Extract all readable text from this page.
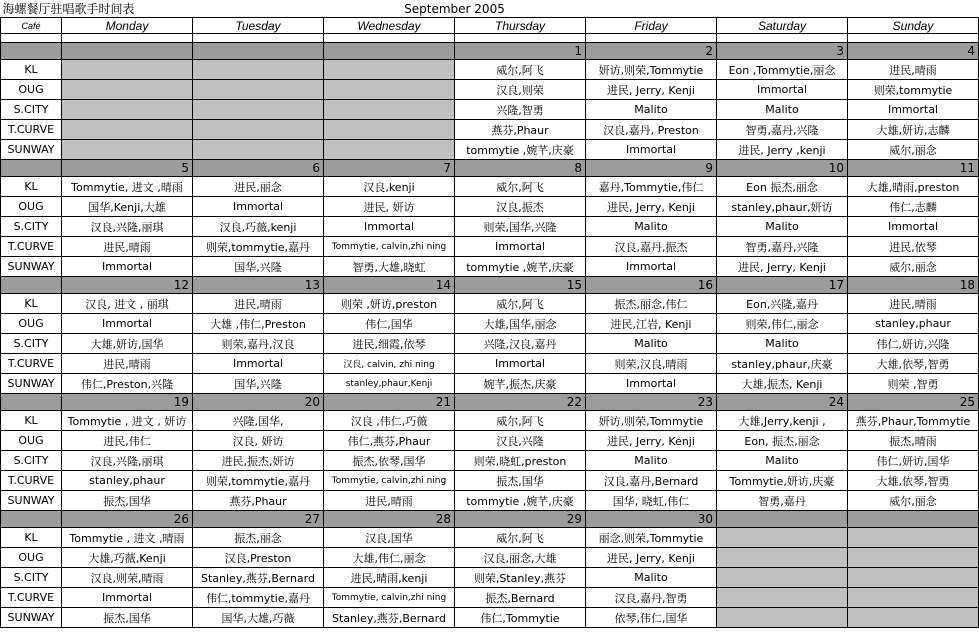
海螺餐厅驻唱歌手时间表			September 2005				
Café	Monday	Tuesday	Wednesday	Thursday	Friday	Saturday	Sunday

				1	2	3	4
KL				威尔,阿飞	妍访,则荣,Tommytie	Eon ,Tommytie,丽念	进民,晴雨
OUG				汉良,则荣	进民, Jerry, Kenji	Immortal	则荣,tommytie
S.CITY				兴隆,智勇	Malito	Malito	Immortal
T.CURVE				燕芬,Phaur	汉良,嘉丹, Preston	智勇,嘉丹,兴隆	大雄,妍访,志麟
SUNWAY				tommytie ,婉芊,庆豪	Immortal	进民, Jerry ,kenji	威尔,丽念
	5	6	7	8	9	10	11
KL	Tommytie, 进文 ,晴雨	进民,丽念	汉良,kenji	威尔,阿飞	嘉丹,Tommytie,伟仁	Eon 振杰,丽念	大雄,晴雨,preston
OUG	国华,Kenji,大雄	Immortal	进民, 妍访	汉良,振杰	进民, Jerry, Kenji	stanley,phaur,妍访	伟仁,志麟
S.CITY	汉良,兴隆,丽琪	汉良,巧薇,kenji	Immortal	则荣,国华,兴隆	Malito	Malito	Immortal
T.CURVE	进民,晴雨	则荣,tommytie,嘉丹	Tommytie, calvin,zhi ning	Immortal	汉良,嘉丹,振杰	智勇,嘉丹,兴隆	进民,依琴
SUNWAY	Immortal	国华,兴隆	智勇,大雄,晓虹	tommytie ,婉芊,庆豪	Immortal	进民, Jerry, Kenji	威尔,丽念
	12	13	14	15	16	17	18
KL	汉良, 进文 , 丽琪	进民,晴雨	则荣 ,妍访,preston	威尔,阿飞	振杰,丽念,伟仁	Eon,兴隆,嘉丹	进民,晴雨
OUG	Immortal	大雄 ,伟仁,Preston	伟仁,国华	大雄,国华,丽念	进民,江岩, Kenji	则荣,伟仁,丽念	stanley,phaur
S.CITY	大雄,妍访,国华	则荣,嘉丹,汉良	进民,细霞,依琴	兴隆,汉良,嘉丹	Malito	Malito	伟仁,妍访,兴隆
T.CURVE	进民,晴雨	Immortal	汉良, calvin, zhi ning	Immortal	则荣,汉良,晴雨	stanley,phaur,庆豪	大雄,依琴,智勇
SUNWAY	伟仁,Preston,兴隆	国华,兴隆	stanley,phaur,Kenji	婉芊,振杰,庆豪	Immortal	大雄,振杰, Kenji	则荣 ,智勇
	19	20	21	22	23	24	25
KL	Tommytie , 进文 , 妍访	兴隆,国华,	汉良 ,伟仁,巧薇	威尔,阿飞	妍访,则荣,Tommytie	大雄,Jerry,kenji ,	燕芬,Phaur,Tommytie
OUG	进民,伟仁	汉良, 妍访	伟仁,燕芬,Phaur	汉良,兴隆	进民, Jerry, Kenji	Eon, 振杰,丽念	振杰,晴雨
S.CITY	汉良,兴隆,丽琪	进民,振杰,妍访	振杰,依琴,国华	则荣,晓虹,preston	Malito	Malito	伟仁,妍访,国华
T.CURVE	stanley,phaur	则荣,tommytie,嘉丹	Tommytie, calvin,zhi ning	振杰,国华	汉良,嘉丹,Bernard	Tommytie,妍访,庆豪	大雄,依琴,智勇
SUNWAY	振杰,国华	燕芬,Phaur	进民,晴雨	tommytie ,婉芊,庆豪	国华, 晓虹,伟仁	智勇,嘉丹	威尔,丽念
	26	27	28	29	30		
KL	Tommytie , 进文 ,晴雨	振杰,丽念	汉良,国华	威尔,阿飞	丽念,则荣,Tommytie		
OUG	大雄,巧薇,Kenji	汉良,Preston	大雄,伟仁,丽念	汉良,丽念,大雄	进民, Jerry, Kenji		
S.CITY	汉良,则荣,晴雨	Stanley,燕芬,Bernard	进民,晴雨,kenji	则荣,Stanley,燕芬	Malito		
T.CURVE	Immortal	伟仁,tommytie,嘉丹	Tommytie, calvin,zhi ning	振杰,Bernard	汉良,嘉丹,智勇		
SUNWAY	振杰,国华	国华,大雄,巧薇	Stanley,燕芬,Bernard	伟仁,Tommytie	依琴,伟仁,国华		
